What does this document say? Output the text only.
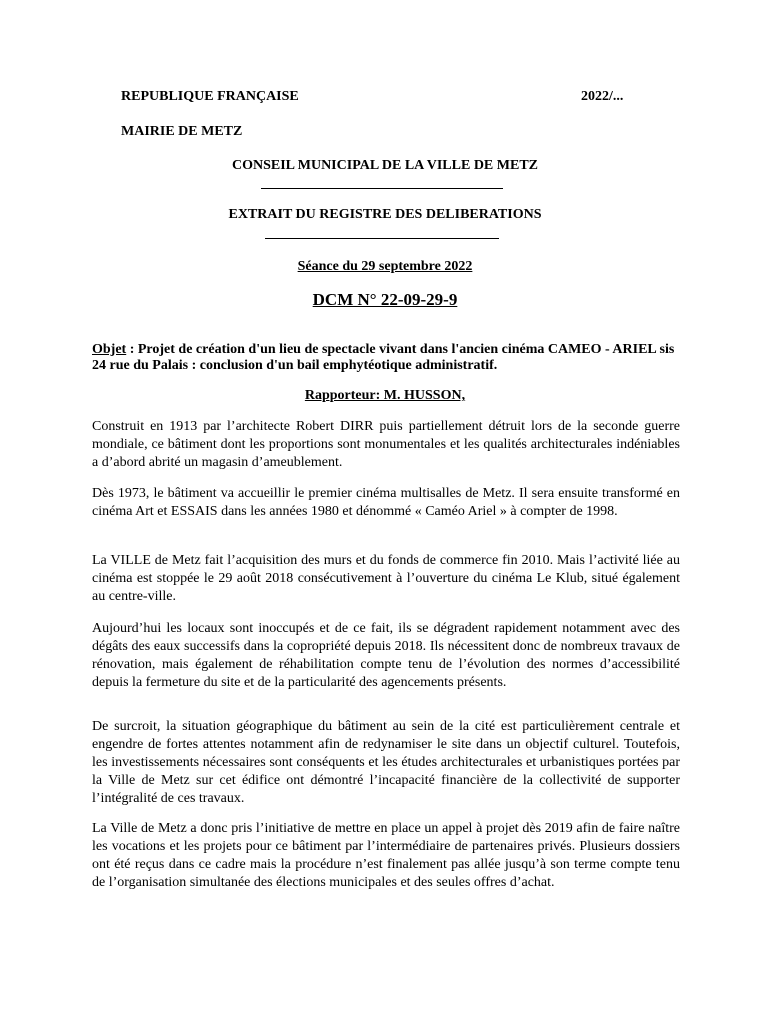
REPUBLIQUE FRANÇAISE	2022/...
MAIRIE DE METZ
CONSEIL MUNICIPAL DE LA VILLE DE METZ
EXTRAIT DU REGISTRE DES DELIBERATIONS
Séance du 29 septembre 2022
DCM N° 22-09-29-9
Objet : Projet de création d'un lieu de spectacle vivant dans l'ancien cinéma CAMEO - ARIEL sis 24 rue du Palais : conclusion d'un bail emphytéotique administratif.
Rapporteur: M. HUSSON,
Construit en 1913 par l’architecte Robert DIRR puis partiellement détruit lors de la seconde guerre mondiale, ce bâtiment dont les proportions sont monumentales et les qualités architecturales indéniables a d’abord abrité un magasin d’ameublement.
Dès 1973, le bâtiment va accueillir le premier cinéma multisalles de Metz. Il sera ensuite transformé en cinéma Art et ESSAIS dans les années 1980 et dénommé « Caméo Ariel » à compter de 1998.
La VILLE de Metz fait l’acquisition des murs et du fonds de commerce fin 2010. Mais l’activité liée au cinéma est stoppée le 29 août 2018 consécutivement à l’ouverture du cinéma Le Klub, situé également au centre-ville.
Aujourd’hui les locaux sont inoccupés et de ce fait, ils se dégradent rapidement notamment avec des dégâts des eaux successifs dans la copropriété depuis 2018. Ils nécessitent donc de nombreux travaux de rénovation, mais également de réhabilitation compte tenu de l’évolution des normes d’accessibilité depuis la fermeture du site et de la particularité des agencements présents.
De surcroit, la situation géographique du bâtiment au sein de la cité est particulièrement centrale et engendre de fortes attentes notamment afin de redynamiser le site dans un objectif culturel. Toutefois, les investissements nécessaires sont conséquents et les études architecturales et urbanistiques portées par la Ville de Metz sur cet édifice ont démontré l’incapacité financière de la collectivité de supporter l’intégralité de ces travaux.
La Ville de Metz a donc pris l’initiative de mettre en place un appel à projet dès 2019 afin de faire naître les vocations et les projets pour ce bâtiment par l’intermédiaire de partenaires privés. Plusieurs dossiers ont été reçus dans ce cadre mais la procédure n’est finalement pas allée jusqu’à son terme compte tenu de l’organisation simultanée des élections municipales et des seules offres d’achat.
